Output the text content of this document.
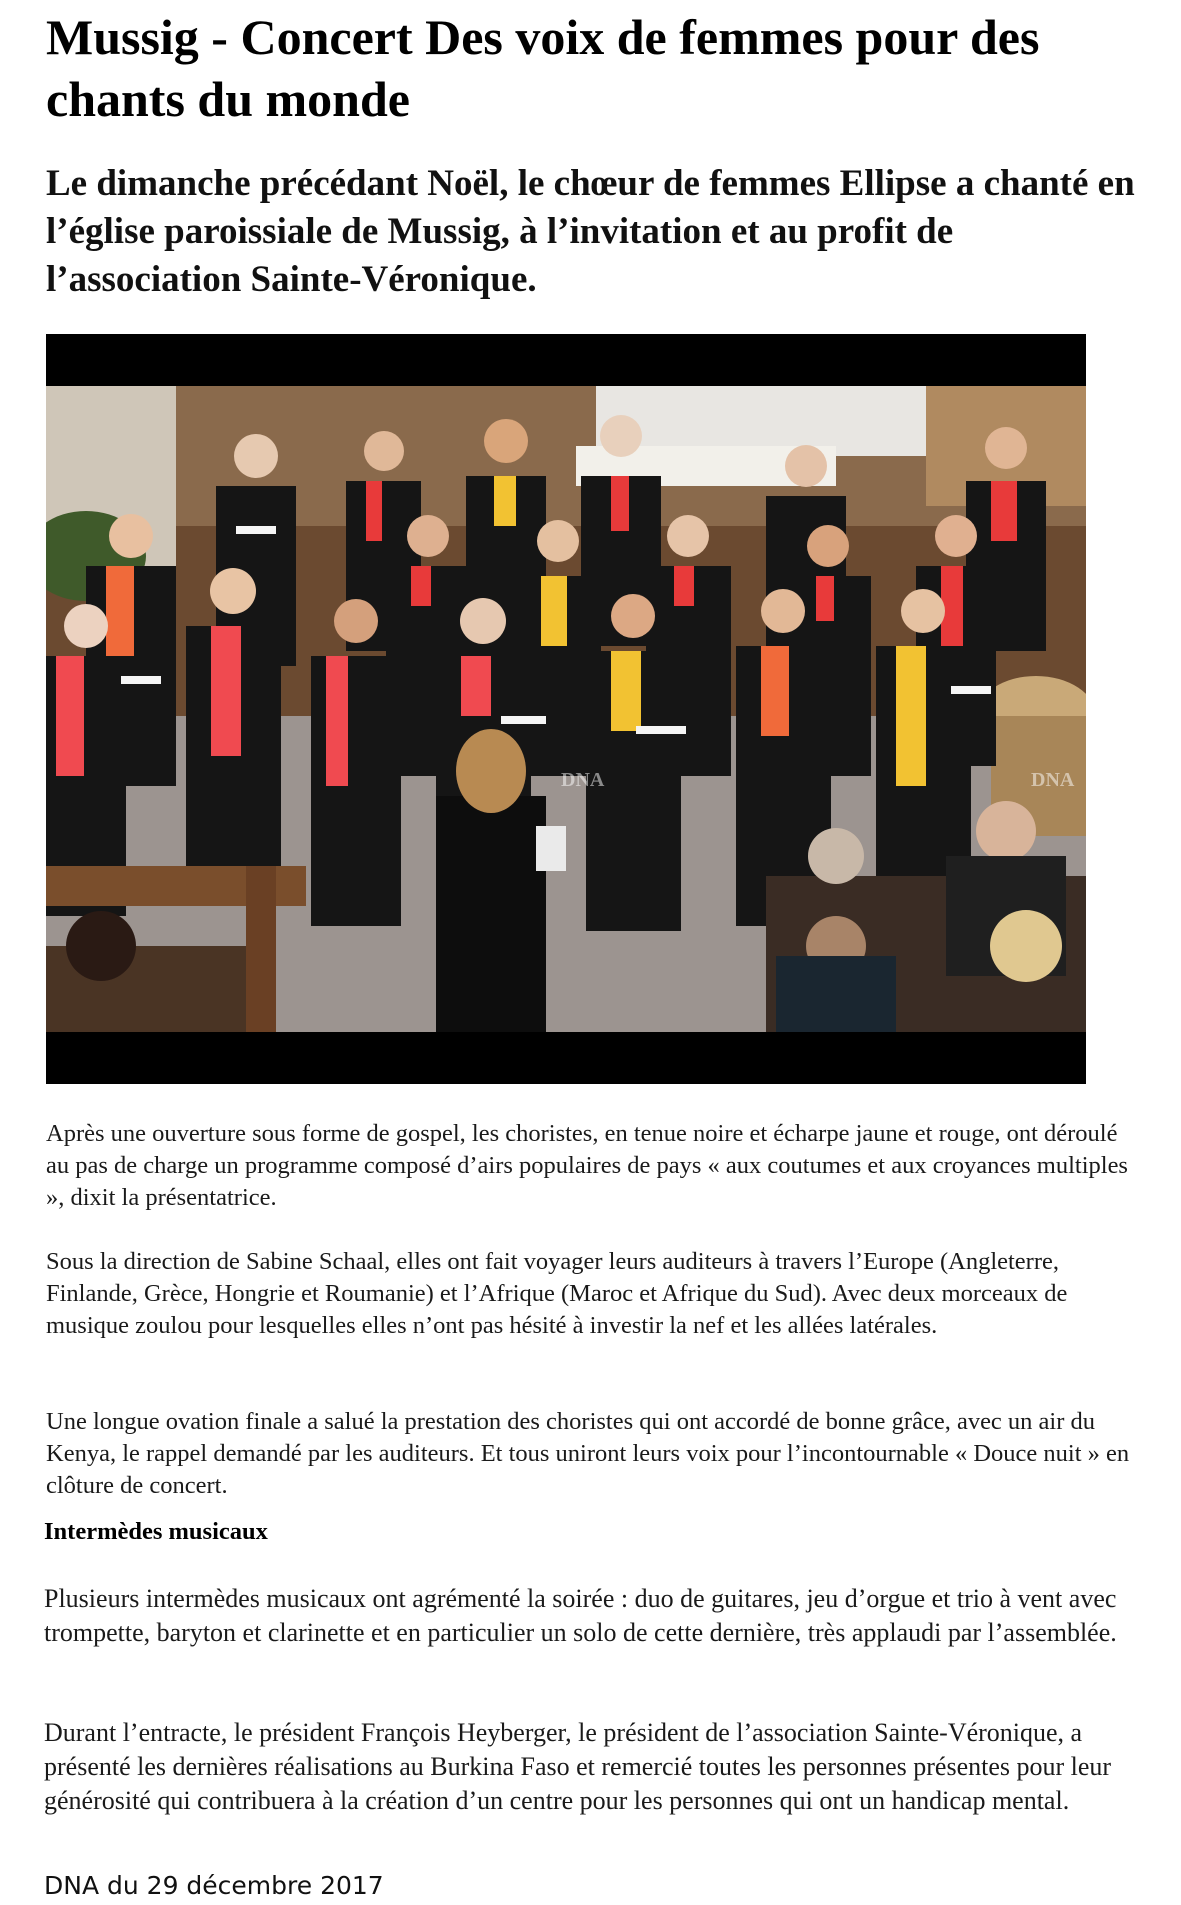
Mussig - Concert Des voix de femmes pour des chants du monde

Le dimanche précédant Noël, le chœur de femmes Ellipse a chanté en l’église paroissiale de Mussig, à l’invitation et au profit de l’association Sainte-Véronique.

DNA	DNA

Après une ouverture sous forme de gospel, les choristes, en tenue noire et écharpe jaune et rouge, ont déroulé au pas de charge un programme composé d’airs populaires de pays « aux coutumes et aux croyances multiples », dixit la présentatrice.

Sous la direction de Sabine Schaal, elles ont fait voyager leurs auditeurs à travers l’Europe (Angleterre, Finlande, Grèce, Hongrie et Roumanie) et l’Afrique (Maroc et Afrique du Sud). Avec deux morceaux de musique zoulou pour lesquelles elles n’ont pas hésité à investir la nef et les allées latérales.

Une longue ovation finale a salué la prestation des choristes qui ont accordé de bonne grâce, avec un air du Kenya, le rappel demandé par les auditeurs. Et tous uniront leurs voix pour l’incontournable « Douce nuit » en clôture de concert.

Intermèdes musicaux

Plusieurs intermèdes musicaux ont agrémenté la soirée : duo de guitares, jeu d’orgue et trio à vent avec trompette, baryton et clarinette et en particulier un solo de cette dernière, très applaudi par l’assemblée.

Durant l’entracte, le président François Heyberger, le président de l’association Sainte-Véronique, a présenté les dernières réalisations au Burkina Faso et remercié toutes les personnes présentes pour leur générosité qui contribuera à la création d’un centre pour les personnes qui ont un handicap mental.

DNA du 29 décembre 2017
